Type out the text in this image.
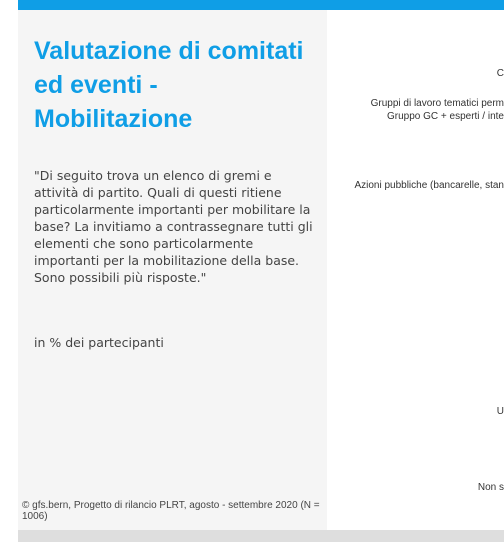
Valutazione di comitati ed eventi - Mobilitazione

"Di seguito trova un elenco di gremi e attività di partito. Quali di questi ritiene particolarmente importanti per mobilitare la base? La invitiamo a contrassegnare tutti gli elementi che sono particolarmente importanti per la mobilitazione della base. Sono possibili più risposte."

in % dei partecipanti

© gfs.bern, Progetto di rilancio PLRT, agosto - settembre 2020 (N = 1006)

C
Gruppi di lavoro tematici perm
Gruppo GC + esperti / inte
Azioni pubbliche (bancarelle, stan
U
Non s
